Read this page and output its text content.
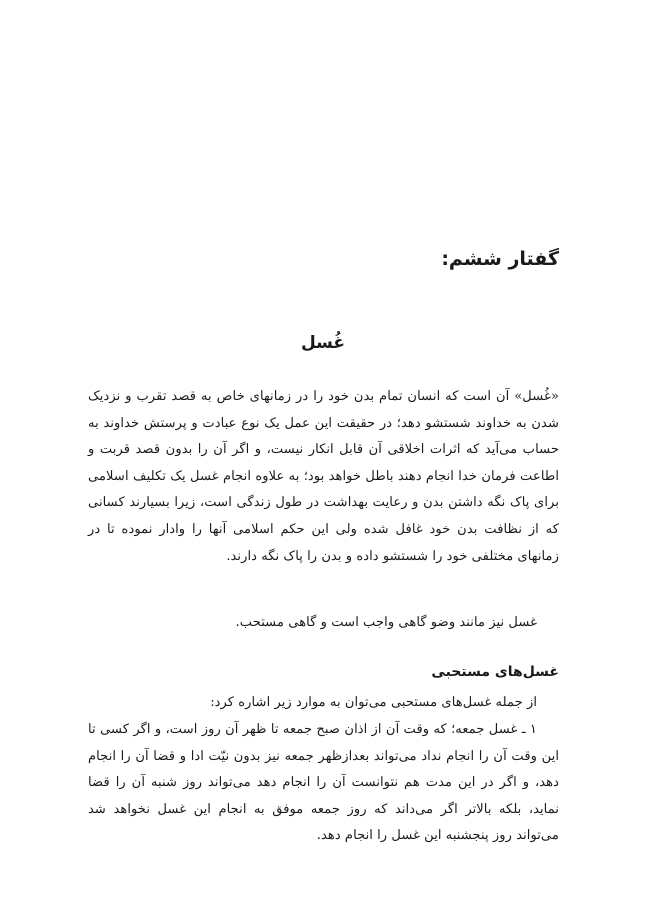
گفتار ششم:
غُسل

«غُسل» آن است که انسان تمام بدن خود را در زمانهای خاص به قصد تقرب و نزدیک شدن به خداوند شستشو دهد؛ در حقیقت این عمل یک نوع عبادت و پرستش خداوند به حساب می‌آید که اثرات اخلاقی آن قابل انکار نیست، و اگر آن را بدون قصد قربت و اطاعت فرمان خدا انجام دهند باطل خواهد بود؛ به علاوه انجام غسل یک تکلیف اسلامی برای پاک نگه داشتن بدن و رعایت بهداشت در طول زندگی است، زیرا بسیارند کسانی که از نظافت بدن خود غافل شده ولی این حکم اسلامی آنها را وادار نموده تا در زمانهای مختلفی خود را شستشو داده و بدن را پاک نگه دارند.

غسل نیز مانند وضو گاهی واجب است و گاهی مستحب.

غسل‌های مستحبی

از جمله غسل‌های مستحبی می‌توان به موارد زیر اشاره کرد:

۱ ـ غسل جمعه؛ که وقت آن از اذان صبح جمعه تا ظهر آن روز است، و اگر کسی تا این وقت آن را انجام نداد می‌تواند بعدازظهر جمعه نیز بدون نیّت ادا و قضا آن را انجام دهد، و اگر در این مدت هم نتوانست آن را انجام دهد می‌تواند روز شنبه آن را قضا نماید، بلکه بالاتر اگر می‌داند که روز جمعه موفق به انجام این غسل نخواهد شد می‌تواند روز پنجشنبه این غسل را انجام دهد.
